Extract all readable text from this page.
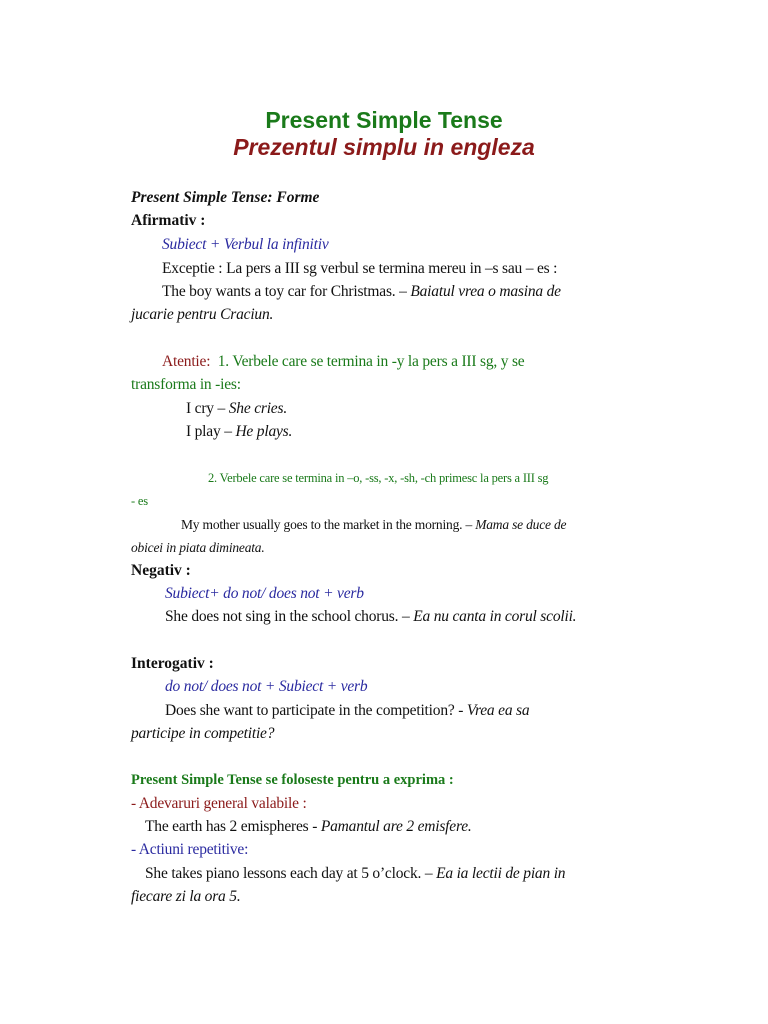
Present Simple Tense
Prezentul simplu in engleza
Present Simple Tense: Forme
Afirmativ :
Subiect + Verbul la infinitiv
Exceptie : La pers a III sg verbul se termina mereu in –s sau – es :
The boy wants a toy car for Christmas. – Baiatul vrea o masina de
jucarie pentru Craciun.
Atentie: 1. Verbele care se termina in -y la pers a III sg, y se
transforma in -ies:
I cry – She cries.
I play – He plays.
2. Verbele care se termina in –o, -ss, -x, -sh, -ch primesc la pers a III sg
- es
My mother usually goes to the market in the morning. – Mama se duce de
obicei in piata dimineata.
Negativ :
Subiect+ do not/ does not + verb
She does not sing in the school chorus. – Ea nu canta in corul scolii.
Interogativ :
do not/ does not + Subiect + verb
Does she want to participate in the competition? - Vrea ea sa
participe in competitie?
Present Simple Tense se foloseste pentru a exprima :
- Adevaruri general valabile :
The earth has 2 emispheres - Pamantul are 2 emisfere.
- Actiuni repetitive:
She takes piano lessons each day at 5 o’clock. – Ea ia lectii de pian in
fiecare zi la ora 5.
